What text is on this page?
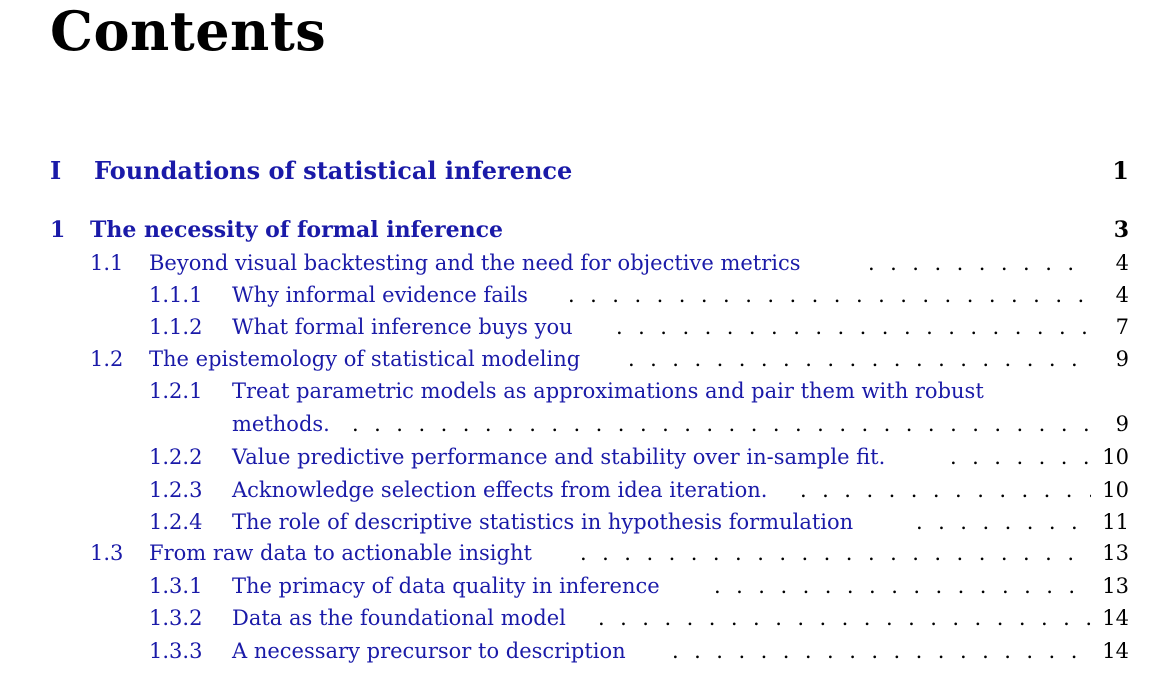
Contents
I Foundations of statistical inference	1
1 The necessity of formal inference	3
1.1 Beyond visual backtesting and the need for objective metrics . . .	4
1.1.1 Why informal evidence fails . . .	4
1.1.2 What formal inference buys you . . .	7
1.2 The epistemology of statistical modeling . . .	9
1.2.1 Treat parametric models as approximations and pair them with robust
methods. . . .	9
1.2.2 Value predictive performance and stability over in-sample fit. . . .	10
1.2.3 Acknowledge selection effects from idea iteration. . . .	10
1.2.4 The role of descriptive statistics in hypothesis formulation . . .	11
1.3 From raw data to actionable insight . . .	13
1.3.1 The primacy of data quality in inference . . .	13
1.3.2 Data as the foundational model . . .	14
1.3.3 A necessary precursor to description . . .	14
